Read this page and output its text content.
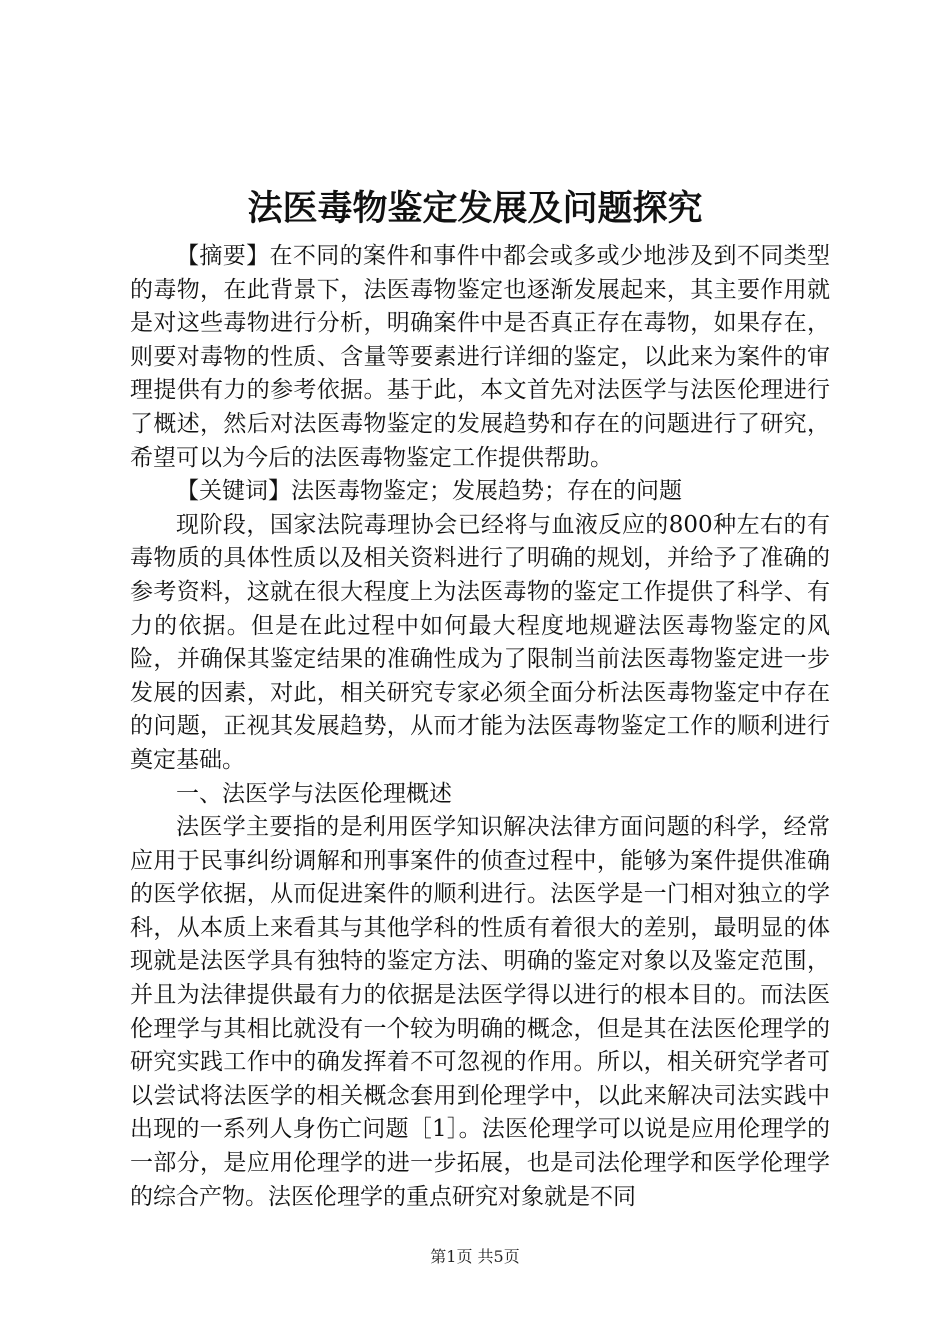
法医毒物鉴定发展及问题探究

【摘要】在不同的案件和事件中都会或多或少地涉及到不同类型的毒物，在此背景下，法医毒物鉴定也逐渐发展起来，其主要作用就是对这些毒物进行分析，明确案件中是否真正存在毒物，如果存在，则要对毒物的性质、含量等要素进行详细的鉴定，以此来为案件的审理提供有力的参考依据。基于此，本文首先对法医学与法医伦理进行了概述，然后对法医毒物鉴定的发展趋势和存在的问题进行了研究，希望可以为今后的法医毒物鉴定工作提供帮助。

【关键词】法医毒物鉴定；发展趋势；存在的问题

现阶段，国家法院毒理协会已经将与血液反应的800种左右的有毒物质的具体性质以及相关资料进行了明确的规划，并给予了准确的参考资料，这就在很大程度上为法医毒物的鉴定工作提供了科学、有力的依据。但是在此过程中如何最大程度地规避法医毒物鉴定的风险，并确保其鉴定结果的准确性成为了限制当前法医毒物鉴定进一步发展的因素，对此，相关研究专家必须全面分析法医毒物鉴定中存在的问题，正视其发展趋势，从而才能为法医毒物鉴定工作的顺利进行奠定基础。

一、法医学与法医伦理概述

法医学主要指的是利用医学知识解决法律方面问题的科学，经常应用于民事纠纷调解和刑事案件的侦查过程中，能够为案件提供准确的医学依据，从而促进案件的顺利进行。法医学是一门相对独立的学科，从本质上来看其与其他学科的性质有着很大的差别，最明显的体现就是法医学具有独特的鉴定方法、明确的鉴定对象以及鉴定范围，并且为法律提供最有力的依据是法医学得以进行的根本目的。而法医伦理学与其相比就没有一个较为明确的概念，但是其在法医伦理学的研究实践工作中的确发挥着不可忽视的作用。所以，相关研究学者可以尝试将法医学的相关概念套用到伦理学中，以此来解决司法实践中出现的一系列人身伤亡问题［1］。法医伦理学可以说是应用伦理学的一部分，是应用伦理学的进一步拓展，也是司法伦理学和医学伦理学的综合产物。法医伦理学的重点研究对象就是不同

第1页 共5页
